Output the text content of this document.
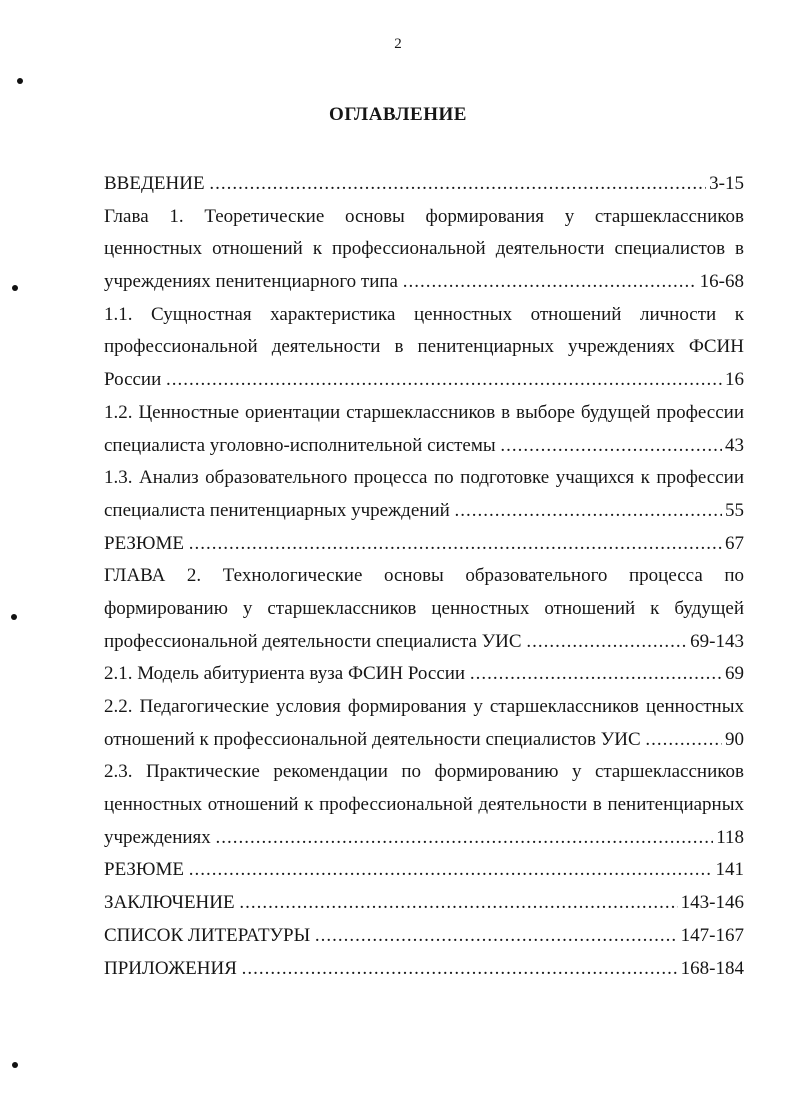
2
ОГЛАВЛЕНИЕ
ВВЕДЕНИЕ .....	3-15
Глава 1. Теоретические основы формирования у старшеклассников
ценностных отношений к профессиональной деятельности специалистов в
учреждениях пенитенциарного типа .....	16-68
1.1. Сущностная характеристика ценностных отношений личности к
профессиональной деятельности в пенитенциарных учреждениях ФСИН
России .....	16
1.2. Ценностные ориентации старшеклассников в выборе будущей профессии
специалиста уголовно-исполнительной системы .....	43
1.3. Анализ образовательного процесса по подготовке учащихся к профессии
специалиста пенитенциарных учреждений .....	55
РЕЗЮМЕ .....	67
ГЛАВА 2. Технологические основы образовательного процесса по
формированию у старшеклассников ценностных отношений к будущей
профессиональной деятельности специалиста УИС .....	69-143
2.1. Модель абитуриента вуза ФСИН России .....	69
2.2. Педагогические условия формирования у старшеклассников ценностных
отношений к профессиональной деятельности специалистов УИС .....	90
2.3. Практические рекомендации по формированию у старшеклассников
ценностных отношений к профессиональной деятельности в пенитенциарных
учреждениях .....	118
РЕЗЮМЕ .....	141
ЗАКЛЮЧЕНИЕ .....	143-146
СПИСОК ЛИТЕРАТУРЫ .....	147-167
ПРИЛОЖЕНИЯ .....	168-184
